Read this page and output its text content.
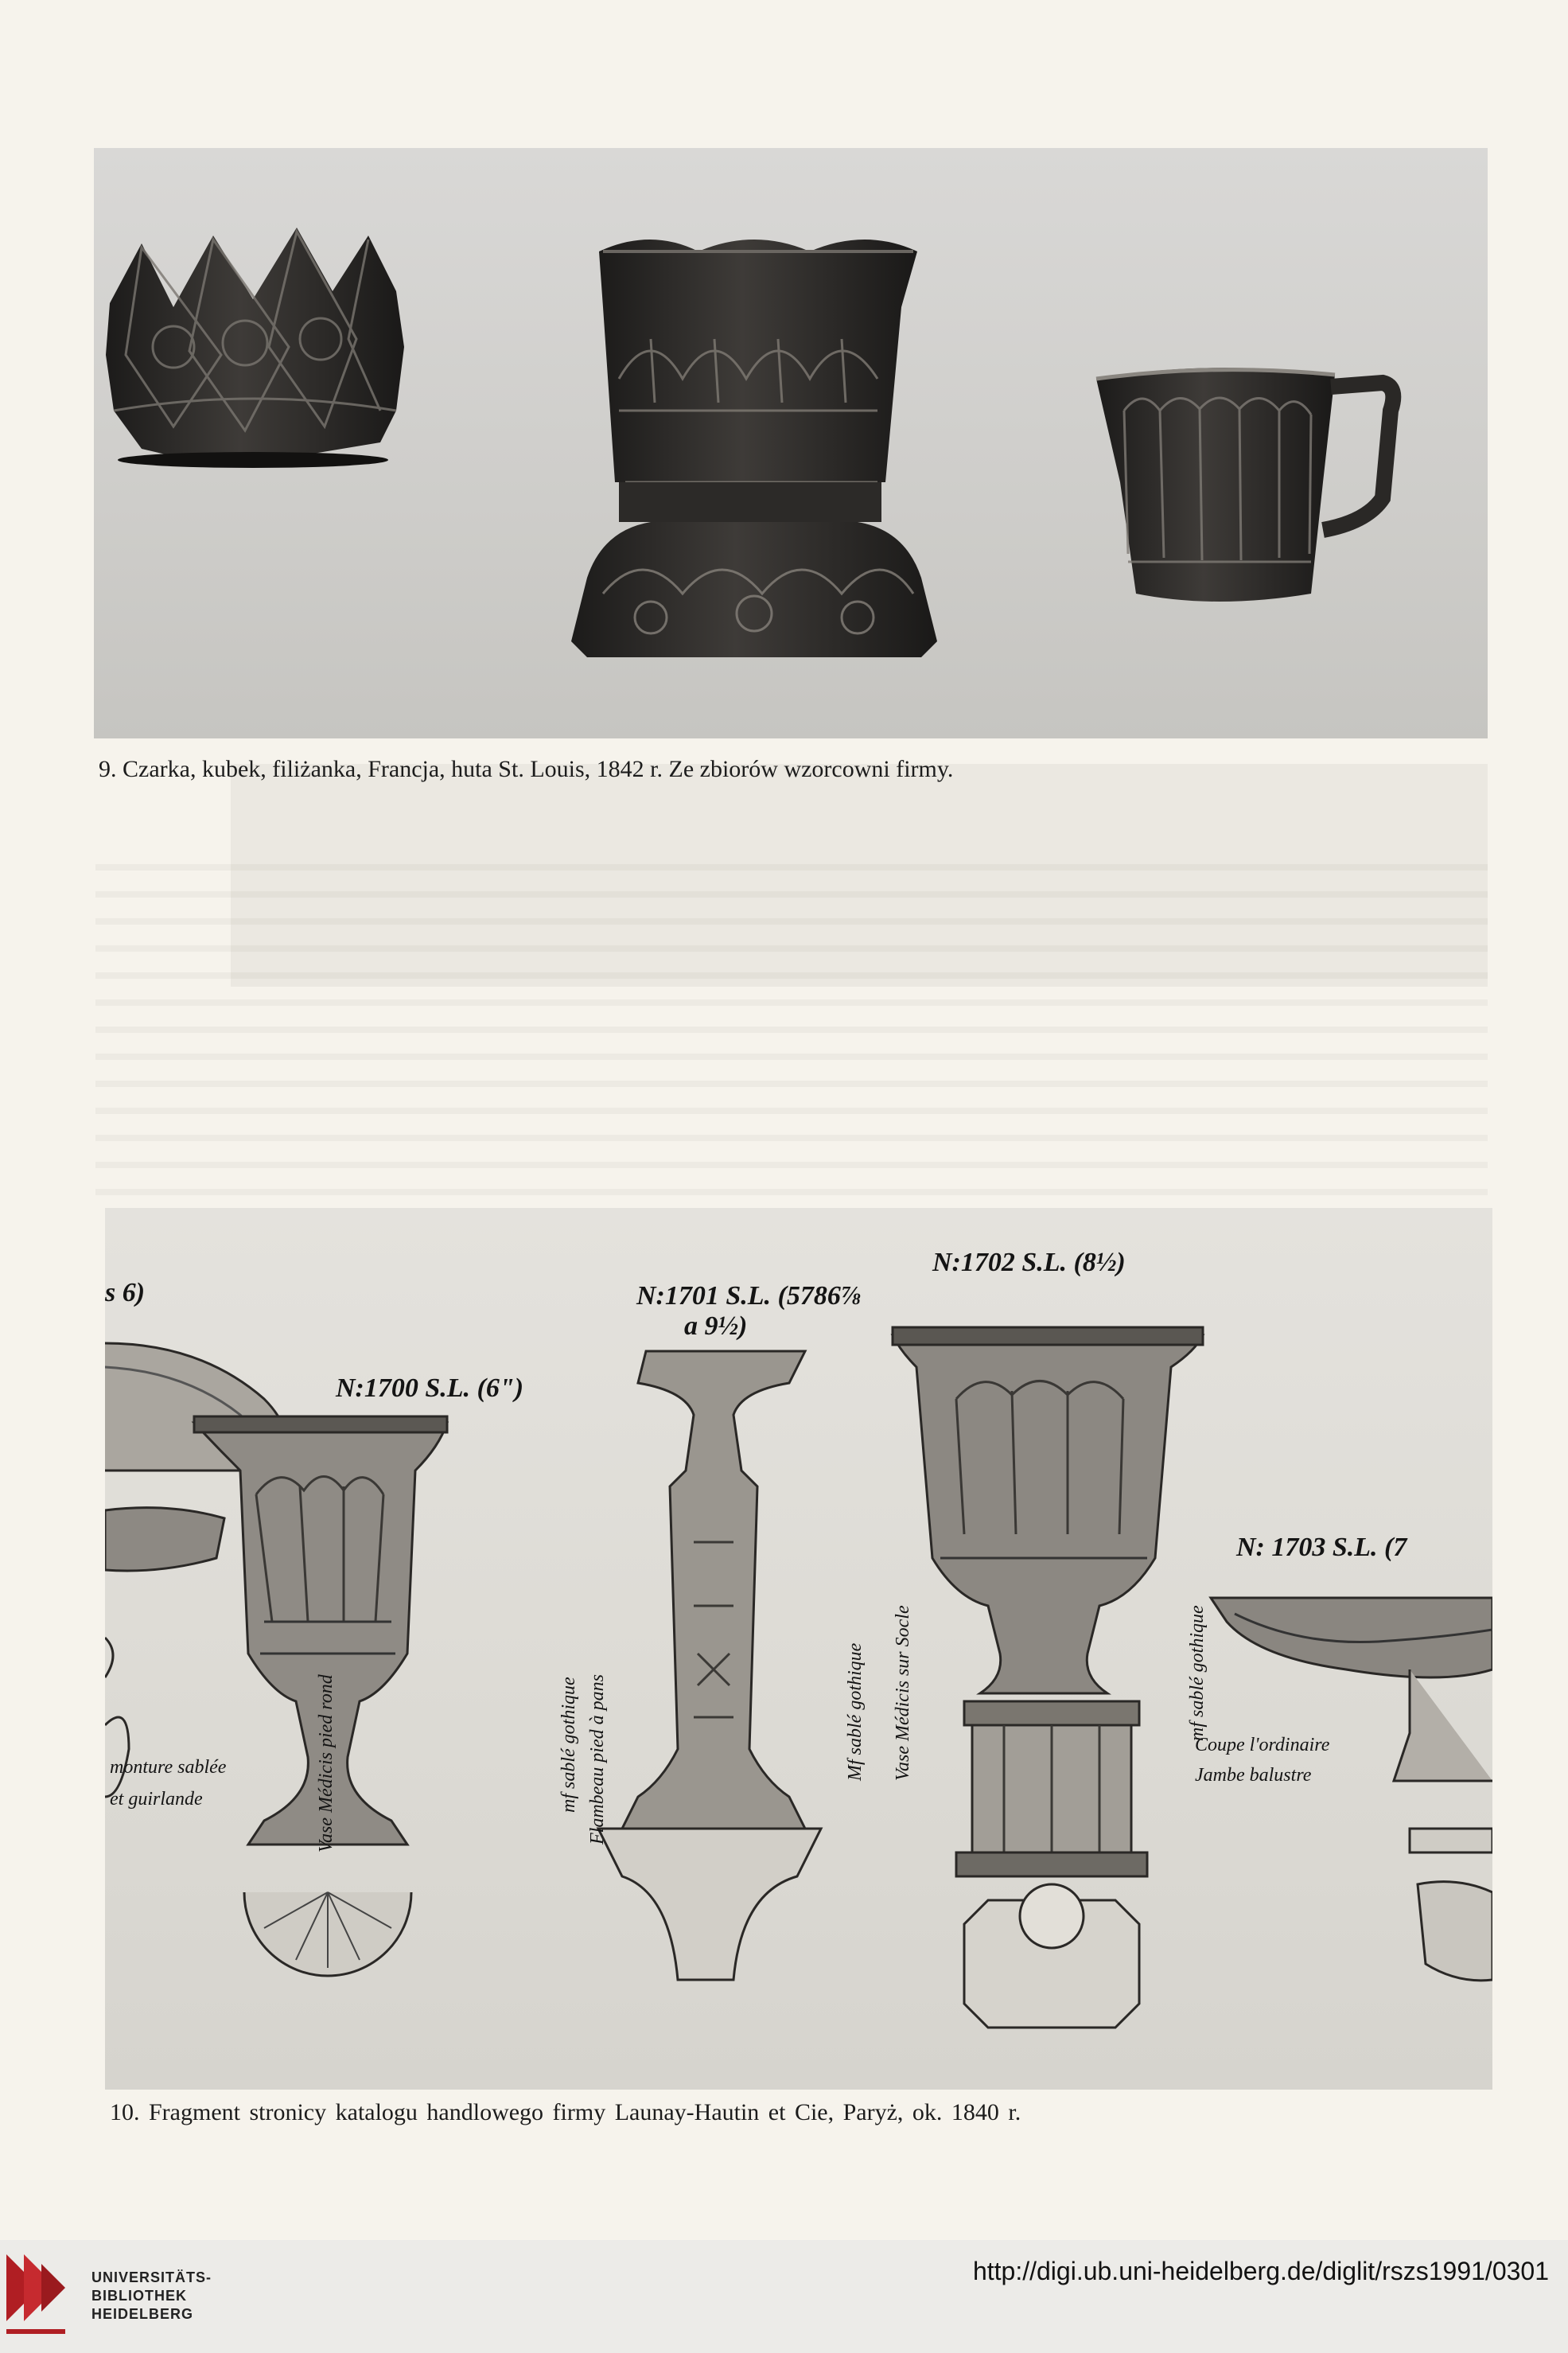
9. Czarka, kubek, filiżanka, Francja, huta St. Louis, 1842 r. Ze zbiorów wzorcowni firmy.
s 6)
N:1700 S.L. (6")
N:1701 S.L. (5786⅞
a 9½)
N:1702 S.L. (8½)
N: 1703 S.L. (7
Vase Médicis pied rond	mf sablé gothique Flambeau pied à pans	Mf sablé gothique Vase Médicis sur Socle	mf sablé gothique
Coupe l'ordinaire
Jambe balustre
monture sablée
et guirlande
10. Fragment stronicy katalogu handlowego firmy Launay-Hautin et Cie, Paryż, ok. 1840 r.
UNIVERSITÄTS-
BIBLIOTHEK
HEIDELBERG
http://digi.ub.uni-heidelberg.de/diglit/rszs1991/0301
